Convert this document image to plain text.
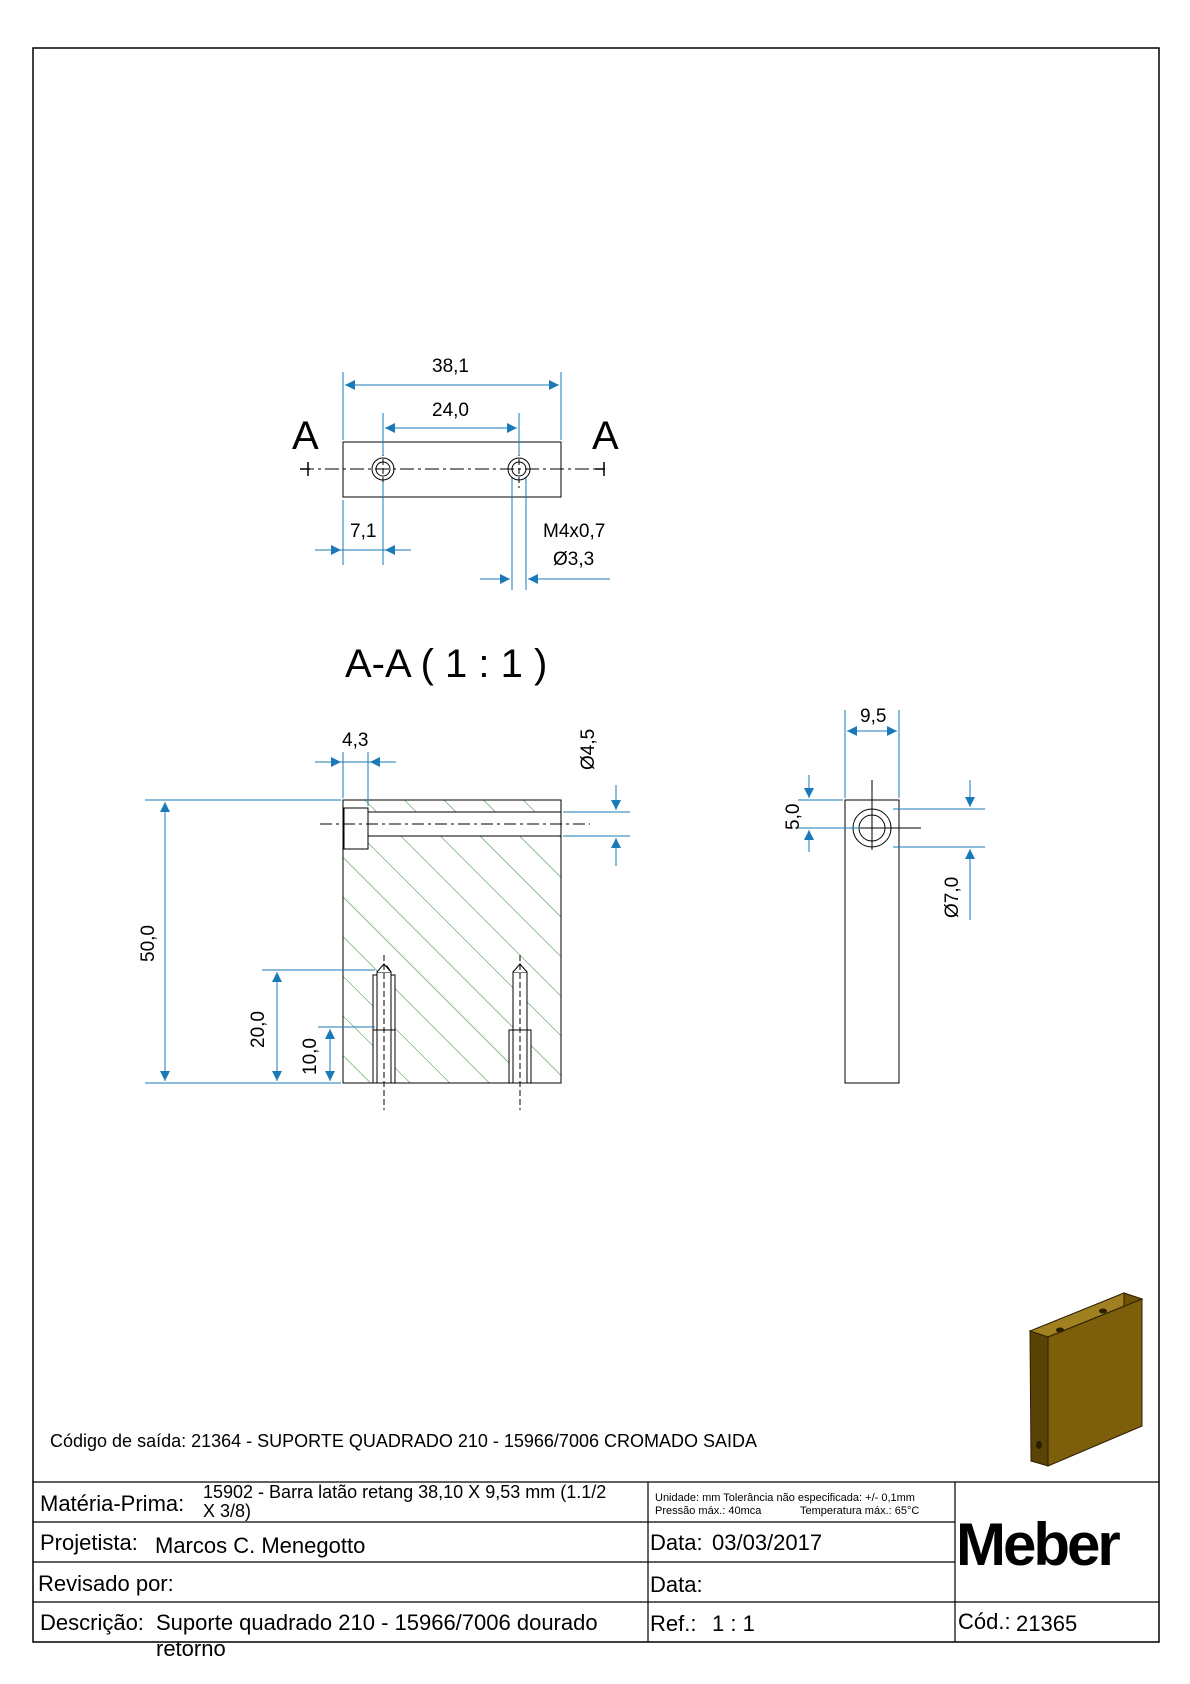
A	A
38,1
24,0
7,1	M4x0,7
Ø3,3
A-A ( 1 : 1 )
4,3	Ø4,5
50,0
20,0
10,0
9,5
5,0
Ø7,0
Código de saída: 21364 - SUPORTE QUADRADO 210 - 15966/7006 CROMADO SAIDA
Matéria-Prima: 15902 - Barra latão retang 38,10 X 9,53 mm (1.1/2
X 3/8)
Unidade: mm Tolerância não especificada: +/- 0,1mm
Pressão máx.: 40mca	Temperatura máx.: 65°C
Projetista: Marcos C. Menegotto	Data: 03/03/2017
Revisado por:	Data:
Descrição: Suporte quadrado 210 - 15966/7006 dourado
retorno
Ref.: 1 : 1	Cód.: 21365
Meber
